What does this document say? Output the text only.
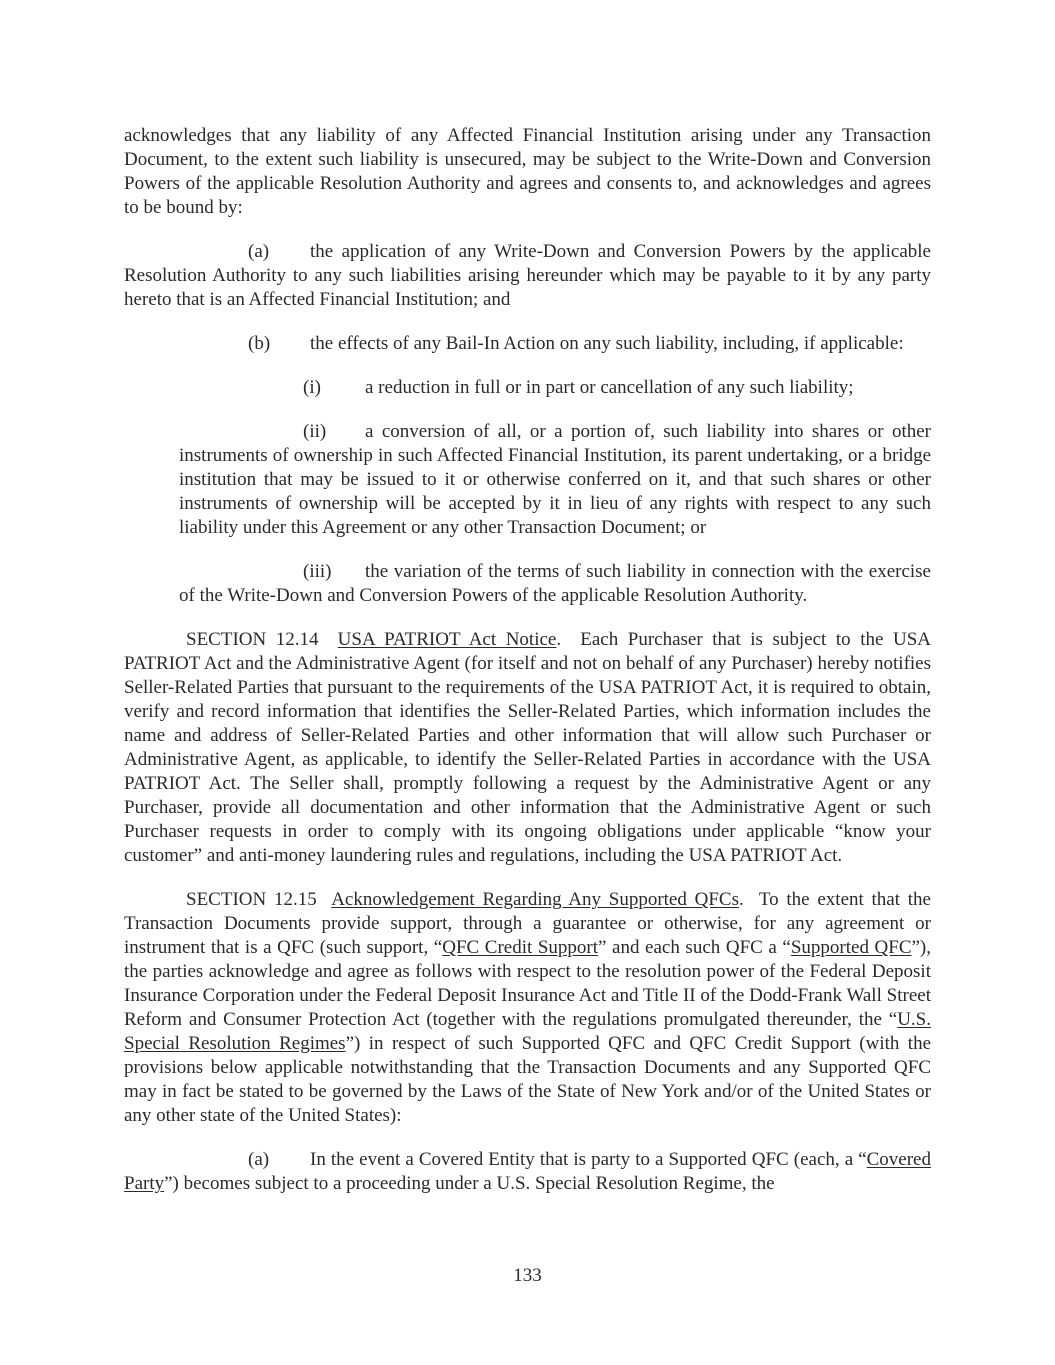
acknowledges that any liability of any Affected Financial Institution arising under any Transaction Document, to the extent such liability is unsecured, may be subject to the Write-Down and Conversion Powers of the applicable Resolution Authority and agrees and consents to, and acknowledges and agrees to be bound by:

(a) the application of any Write-Down and Conversion Powers by the applicable Resolution Authority to any such liabilities arising hereunder which may be payable to it by any party hereto that is an Affected Financial Institution; and

(b) the effects of any Bail-In Action on any such liability, including, if applicable:

(i) a reduction in full or in part or cancellation of any such liability;

(ii) a conversion of all, or a portion of, such liability into shares or other instruments of ownership in such Affected Financial Institution, its parent undertaking, or a bridge institution that may be issued to it or otherwise conferred on it, and that such shares or other instruments of ownership will be accepted by it in lieu of any rights with respect to any such liability under this Agreement or any other Transaction Document; or

(iii) the variation of the terms of such liability in connection with the exercise of the Write-Down and Conversion Powers of the applicable Resolution Authority.

SECTION 12.14 USA PATRIOT Act Notice.  Each Purchaser that is subject to the USA PATRIOT Act and the Administrative Agent (for itself and not on behalf of any Purchaser) hereby notifies Seller-Related Parties that pursuant to the requirements of the USA PATRIOT Act, it is required to obtain, verify and record information that identifies the Seller-Related Parties, which information includes the name and address of Seller-Related Parties and other information that will allow such Purchaser or Administrative Agent, as applicable, to identify the Seller-Related Parties in accordance with the USA PATRIOT Act. The Seller shall, promptly following a request by the Administrative Agent or any Purchaser, provide all documentation and other information that the Administrative Agent or such Purchaser requests in order to comply with its ongoing obligations under applicable “know your customer” and anti-money laundering rules and regulations, including the USA PATRIOT Act.

SECTION 12.15 Acknowledgement Regarding Any Supported QFCs.  To the extent that the Transaction Documents provide support, through a guarantee or otherwise, for any agreement or instrument that is a QFC (such support, “QFC Credit Support” and each such QFC a “Supported QFC”), the parties acknowledge and agree as follows with respect to the resolution power of the Federal Deposit Insurance Corporation under the Federal Deposit Insurance Act and Title II of the Dodd-Frank Wall Street Reform and Consumer Protection Act (together with the regulations promulgated thereunder, the “U.S. Special Resolution Regimes”) in respect of such Supported QFC and QFC Credit Support (with the provisions below applicable notwithstanding that the Transaction Documents and any Supported QFC may in fact be stated to be governed by the Laws of the State of New York and/or of the United States or any other state of the United States):

(a) In the event a Covered Entity that is party to a Supported QFC (each, a “Covered Party”) becomes subject to a proceeding under a U.S. Special Resolution Regime, the

133
